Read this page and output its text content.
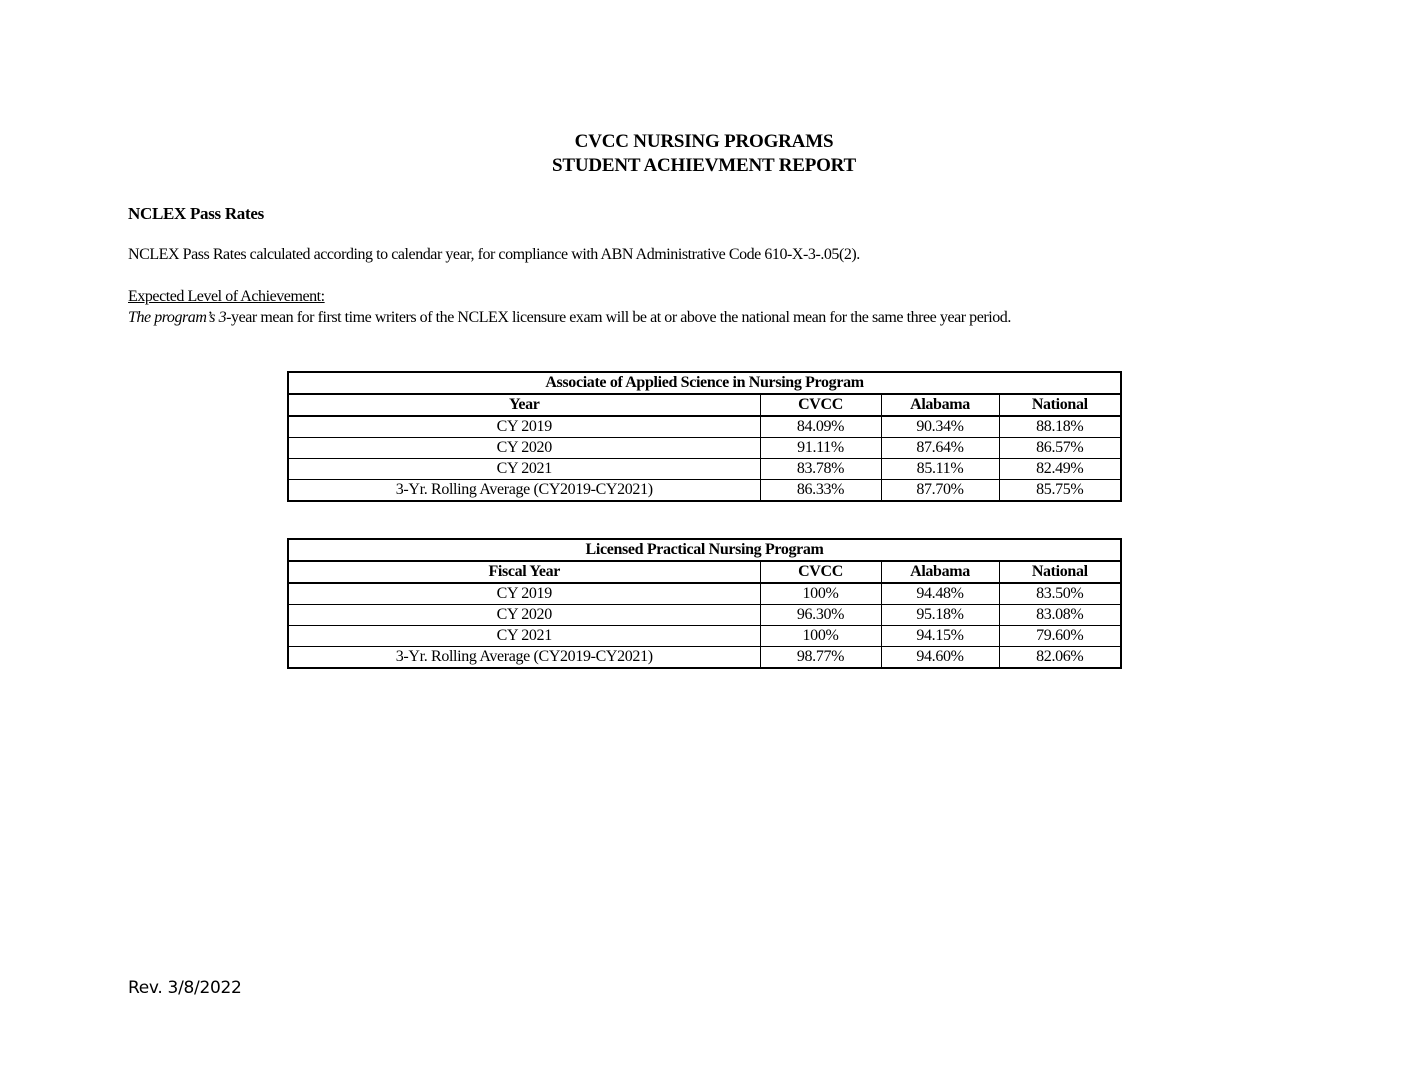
CVCC NURSING PROGRAMS
STUDENT ACHIEVMENT REPORT
NCLEX Pass Rates
NCLEX Pass Rates calculated according to calendar year, for compliance with ABN Administrative Code 610-X-3-.05(2).
Expected Level of Achievement:
The program’s 3-year mean for first time writers of the NCLEX licensure exam will be at or above the national mean for the same three year period.
Associate of Applied Science in Nursing Program			
Year	CVCC	Alabama	National
CY 2019	84.09%	90.34%	88.18%
CY 2020	91.11%	87.64%	86.57%
CY 2021	83.78%	85.11%	82.49%
3-Yr. Rolling Average (CY2019-CY2021)	86.33%	87.70%	85.75%
Licensed Practical Nursing Program			
Fiscal Year	CVCC	Alabama	National
CY 2019	100%	94.48%	83.50%
CY 2020	96.30%	95.18%	83.08%
CY 2021	100%	94.15%	79.60%
3-Yr. Rolling Average (CY2019-CY2021)	98.77%	94.60%	82.06%
Rev. 3/8/2022
